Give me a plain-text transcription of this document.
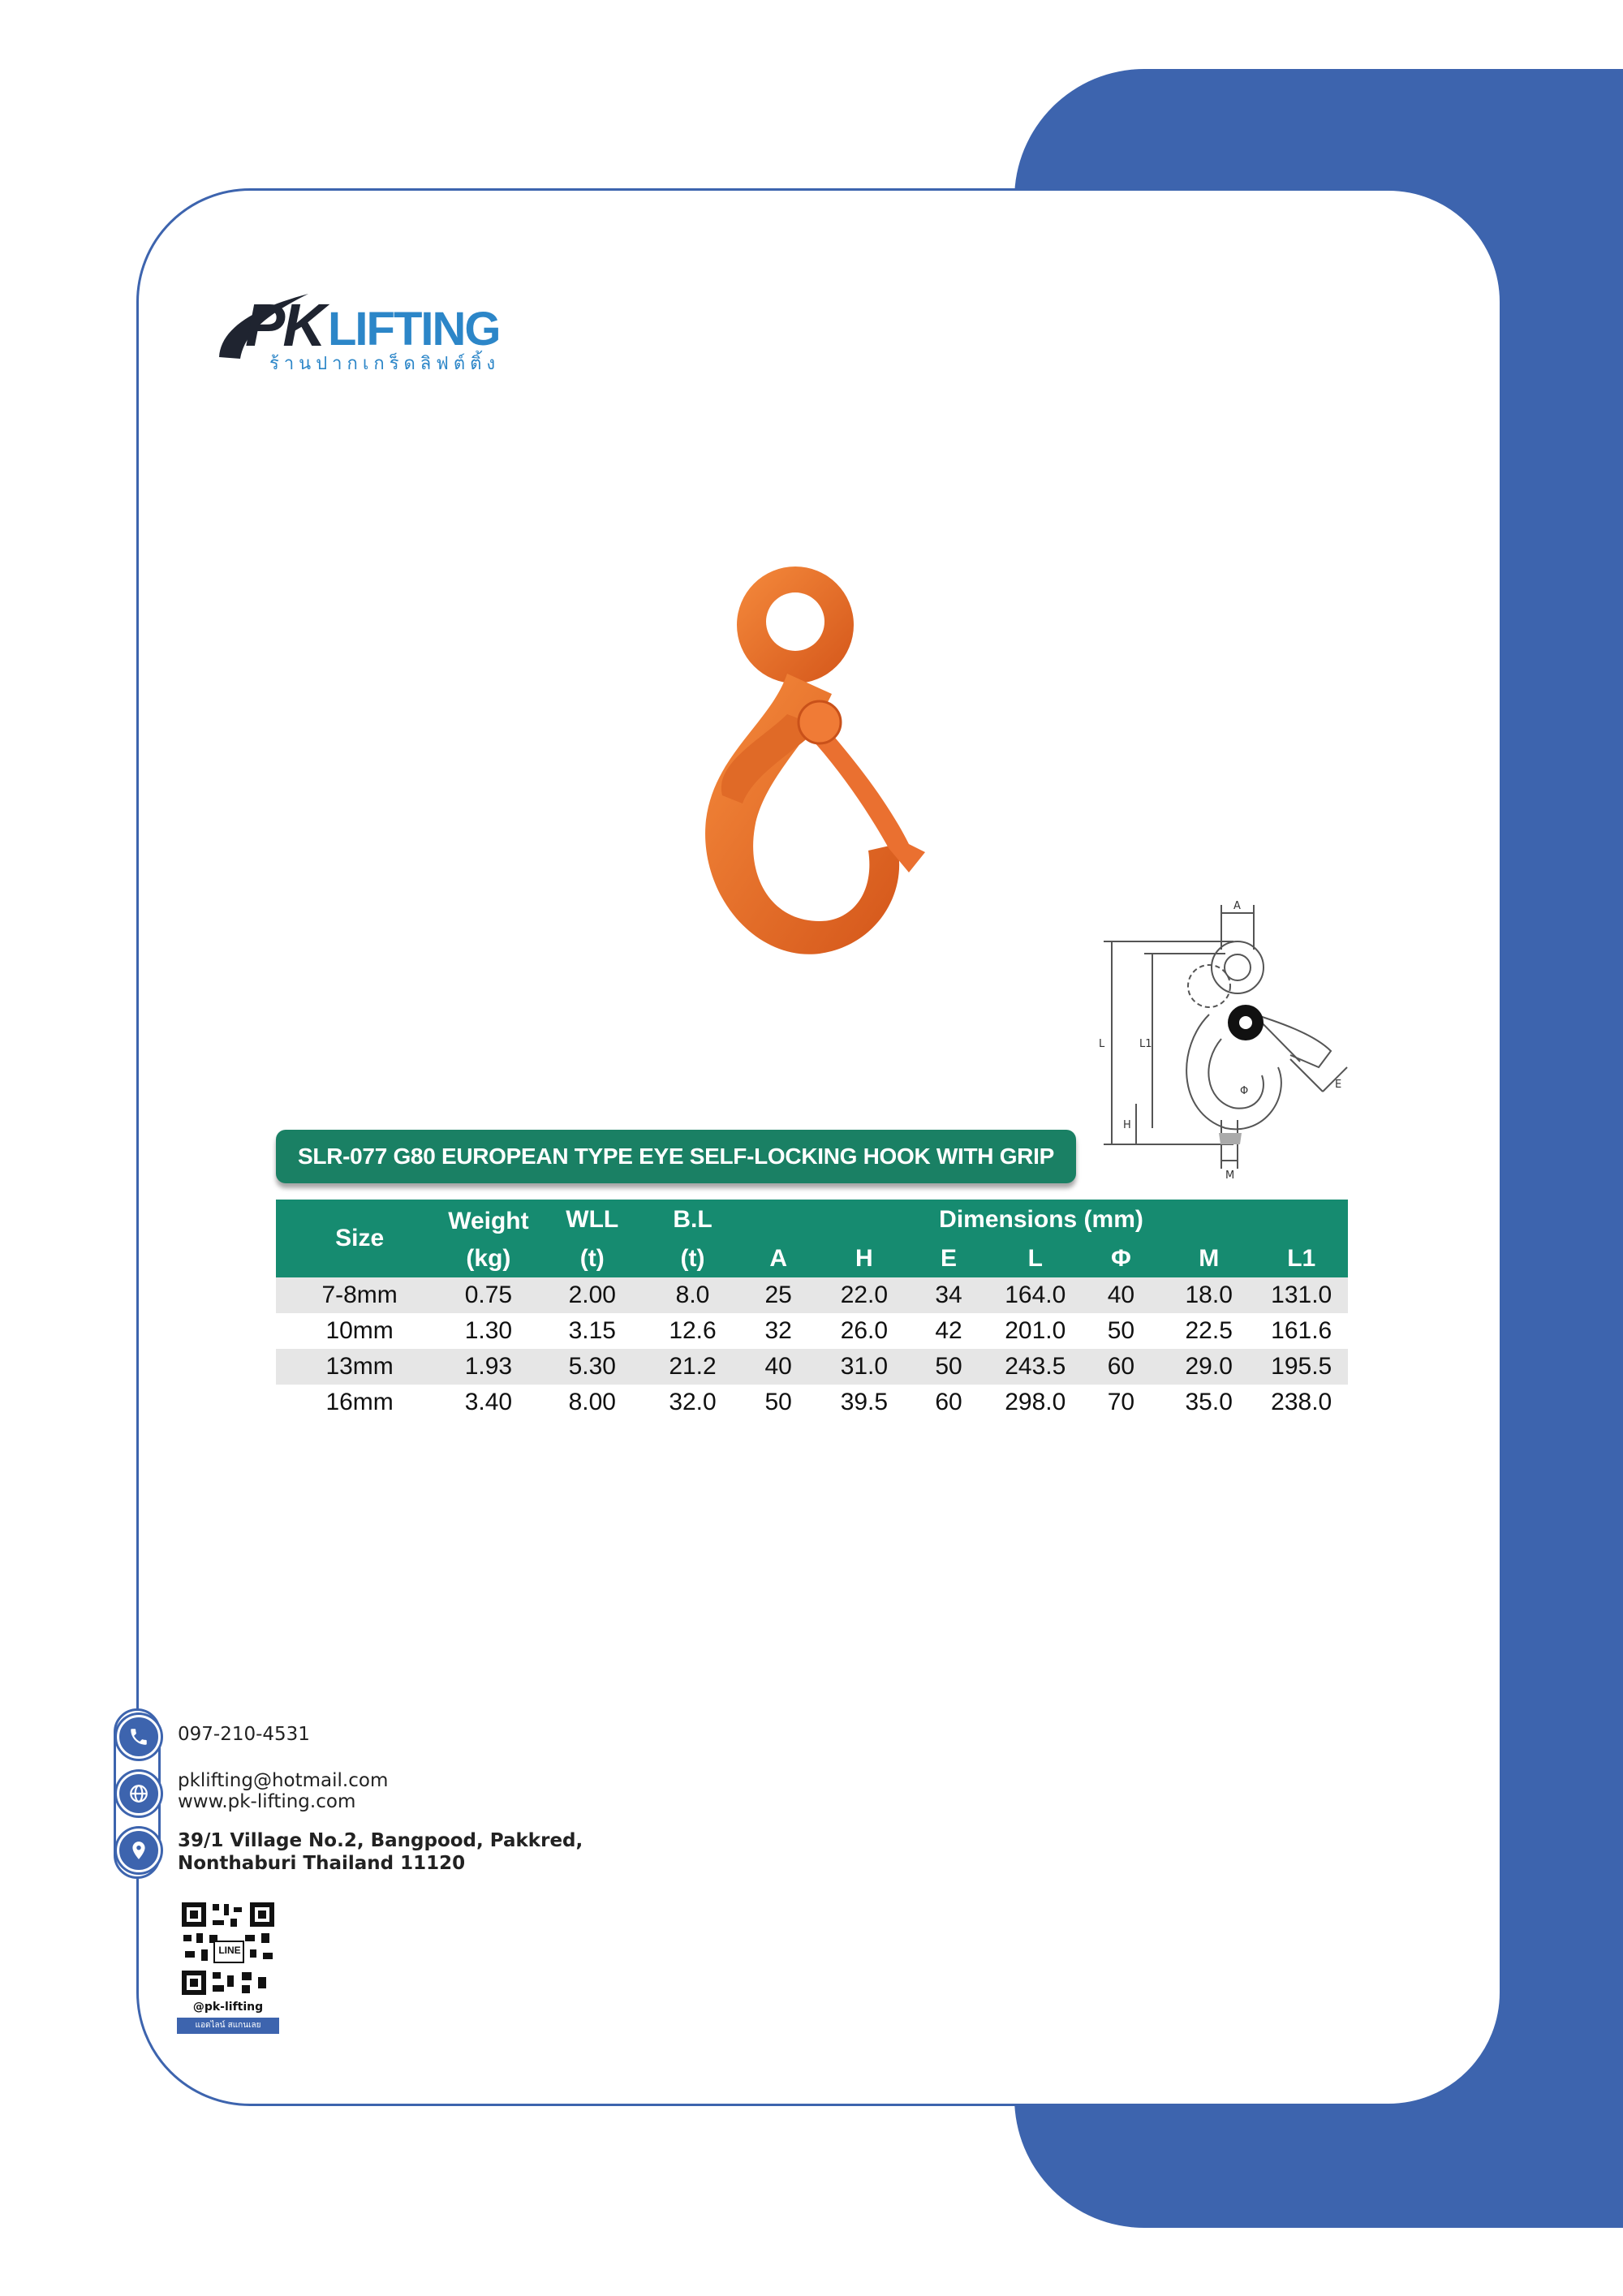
PK LIFTING
ร้านปากเกร็ดลิฟต์ติ้ง
A
L	L1
H
M
E
Φ
SLR-077 G80 EUROPEAN TYPE EYE SELF-LOCKING HOOK WITH GRIP
Size	Weight	WLL	B.L	Dimensions (mm)						
	(kg)	(t)	(t)	A	H	E	L	Φ	M	L1
7-8mm	0.75	2.00	8.0	25	22.0	34	164.0	40	18.0	131.0
10mm	1.30	3.15	12.6	32	26.0	42	201.0	50	22.5	161.6
13mm	1.93	5.30	21.2	40	31.0	50	243.5	60	29.0	195.5
16mm	3.40	8.00	32.0	50	39.5	60	298.0	70	35.0	238.0
097-210-4531
pklifting@hotmail.com
www.pk-lifting.com
39/1 Village No.2, Bangpood, Pakkred,
Nonthaburi Thailand 11120
LINE
@pk-lifting
แอดไลน์ สแกนเลย
